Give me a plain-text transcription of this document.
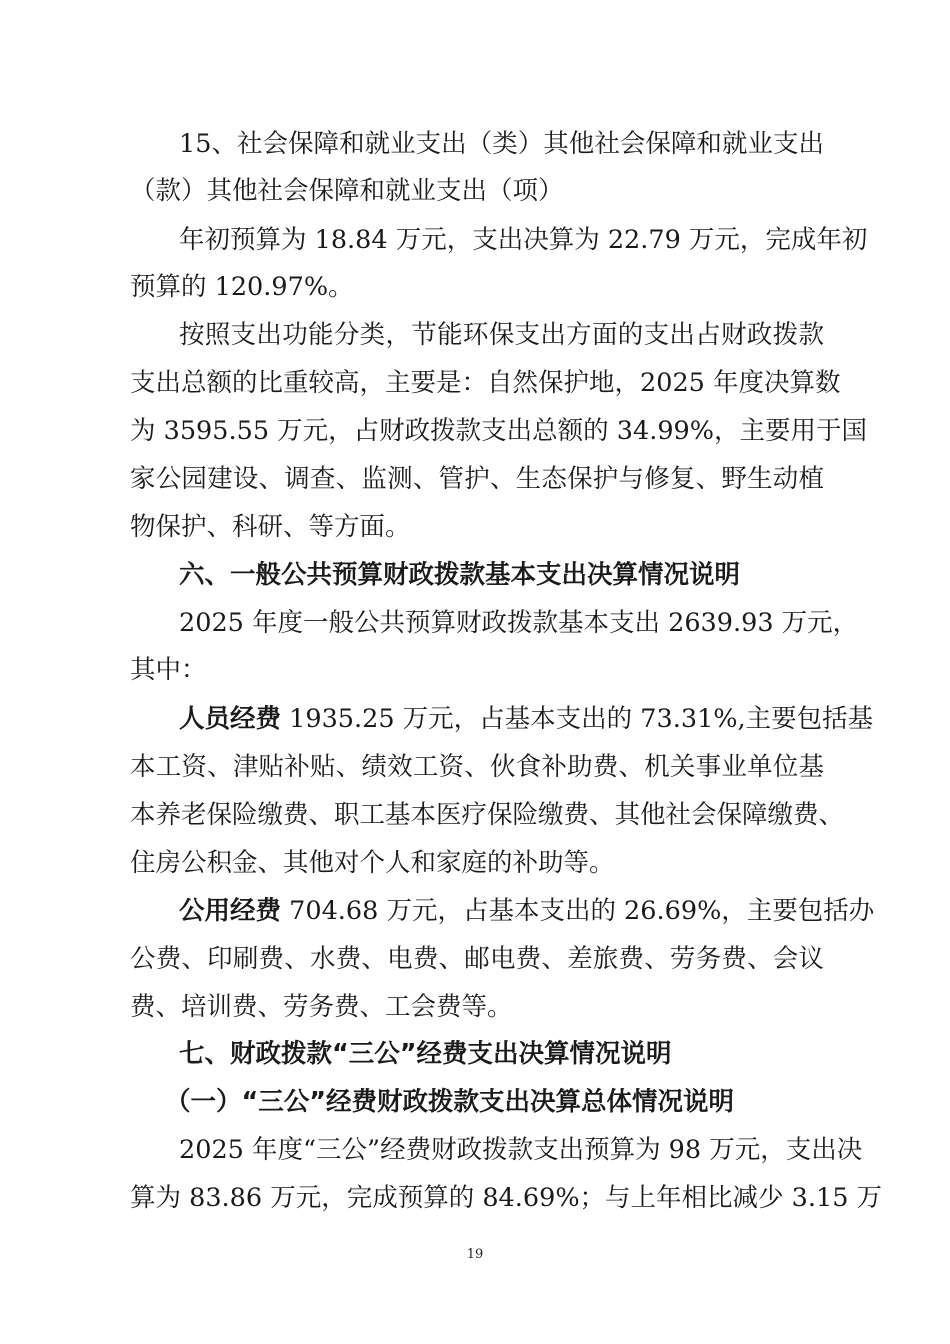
15、社会保障和就业支出（类）其他社会保障和就业支出
（款）其他社会保障和就业支出（项）
年初预算为 18.84 万元，支出决算为 22.79 万元，完成年初
预算的 120.97%。
按照支出功能分类，节能环保支出方面的支出占财政拨款
支出总额的比重较高，主要是：自然保护地，2025 年度决算数
为 3595.55 万元，占财政拨款支出总额的 34.99%，主要用于国
家公园建设、调查、监测、管护、生态保护与修复、野生动植
物保护、科研、等方面。
六、一般公共预算财政拨款基本支出决算情况说明
2025 年度一般公共预算财政拨款基本支出 2639.93 万元，
其中：
人员经费 1935.25 万元，占基本支出的 73.31%,主要包括基
本工资、津贴补贴、绩效工资、伙食补助费、机关事业单位基
本养老保险缴费、职工基本医疗保险缴费、其他社会保障缴费、
住房公积金、其他对个人和家庭的补助等。
公用经费 704.68 万元，占基本支出的 26.69%，主要包括办
公费、印刷费、水费、电费、邮电费、差旅费、劳务费、会议
费、培训费、劳务费、工会费等。
七、财政拨款“三公”经费支出决算情况说明
（一）“三公”经费财政拨款支出决算总体情况说明
2025 年度“三公”经费财政拨款支出预算为 98 万元，支出决
算为 83.86 万元，完成预算的 84.69%；与上年相比减少 3.15 万
19
